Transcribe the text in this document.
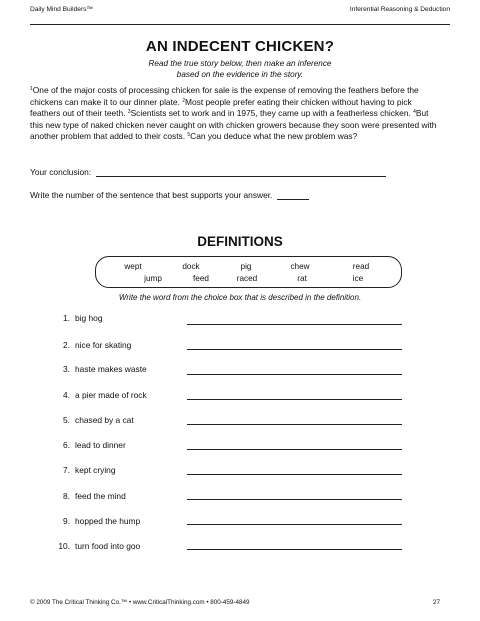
Daily Mind Builders™	Inferential Reasoning & Deduction
AN INDECENT CHICKEN?
Read the true story below, then make an inference
based on the evidence in the story.
$^1$One of the major costs of processing chicken for sale is the expense of removing the feathers before the chickens can make it to our dinner plate. $^2$Most people prefer eating their chicken without having to pick feathers out of their teeth. $^3$Scientists set to work and in 1975, they came up with a featherless chicken. $^4$But this new type of naked chicken never caught on with chicken growers because they soon were presented with another problem that added to their costs. $^5$Can you deduce what the new problem was?
Your conclusion:
Write the number of the sentence that best supports your answer.
DEFINITIONS
wept	dock	pig	chew	read
jump	feed	raced	rat	ice
Write the word from the choice box that is described in the definition.
1. big hog
2. nice for skating
3. haste makes waste
4. a pier made of rock
5. chased by a cat
6. lead to dinner
7. kept crying
8. feed the mind
9. hopped the hump
10. turn food into goo
© 2009 The Critical Thinking Co.™ • www.CriticalThinking.com • 800-459-4849	27
